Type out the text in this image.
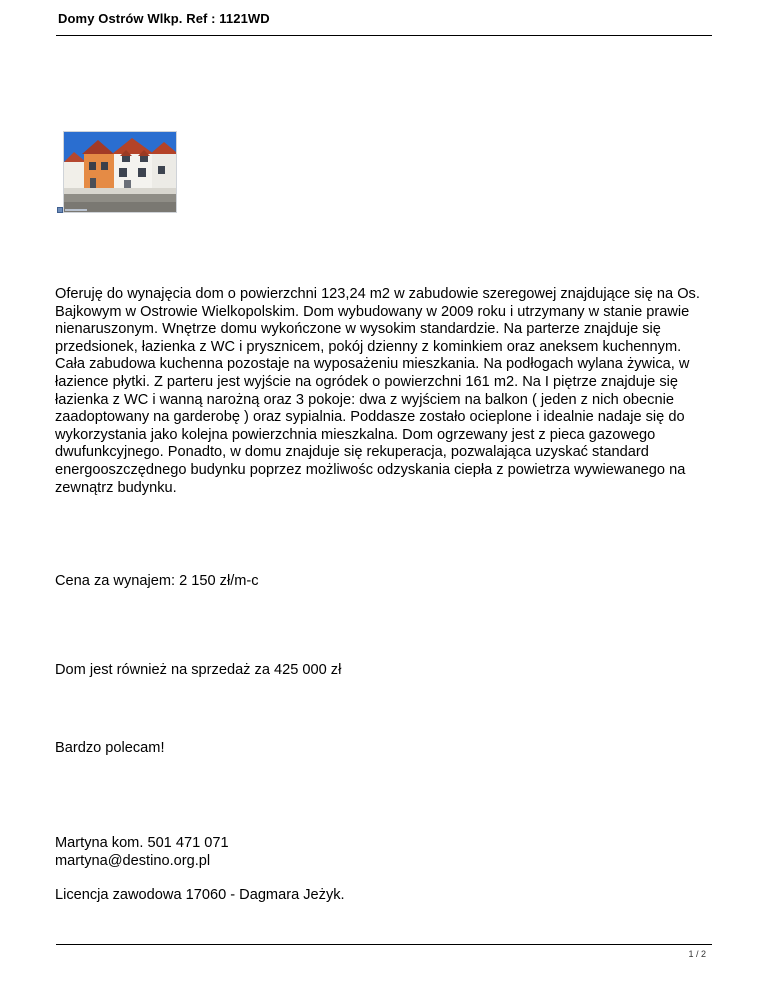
Domy Ostrów Wlkp. Ref : 1121WD

Oferuję do wynajęcia dom o powierzchni 123,24 m2 w zabudowie szeregowej znajdujące się na Os. Bajkowym w Ostrowie Wielkopolskim. Dom wybudowany w 2009 roku i utrzymany w stanie prawie nienaruszonym. Wnętrze domu wykończone w wysokim standardzie. Na parterze znajduje się przedsionek, łazienka z WC i prysznicem, pokój dzienny z kominkiem oraz aneksem kuchennym. Cała zabudowa kuchenna pozostaje na wyposażeniu mieszkania. Na podłogach wylana żywica, w łazience płytki. Z parteru jest wyjście na ogródek o powierzchni 161 m2. Na I piętrze znajduje się łazienka z WC i wanną narożną oraz 3 pokoje: dwa z wyjściem na balkon ( jeden z nich obecnie zaadoptowany na garderobę ) oraz sypialnia. Poddasze zostało ocieplone i idealnie nadaje się do wykorzystania jako kolejna powierzchnia mieszkalna. Dom ogrzewany jest z pieca gazowego dwufunkcyjnego. Ponadto, w domu znajduje się rekuperacja, pozwalająca uzyskać standard energooszczędnego budynku poprzez możliwośc odzyskania ciepła z powietrza wywiewanego na zewnątrz budynku.

Cena za wynajem: 2 150 zł/m-c
Dom jest również na sprzedaż za 425 000 zł
Bardzo polecam!
Martyna kom. 501 471 071
martyna@destino.org.pl
Licencja zawodowa 17060 - Dagmara Jeżyk.
1 / 2
